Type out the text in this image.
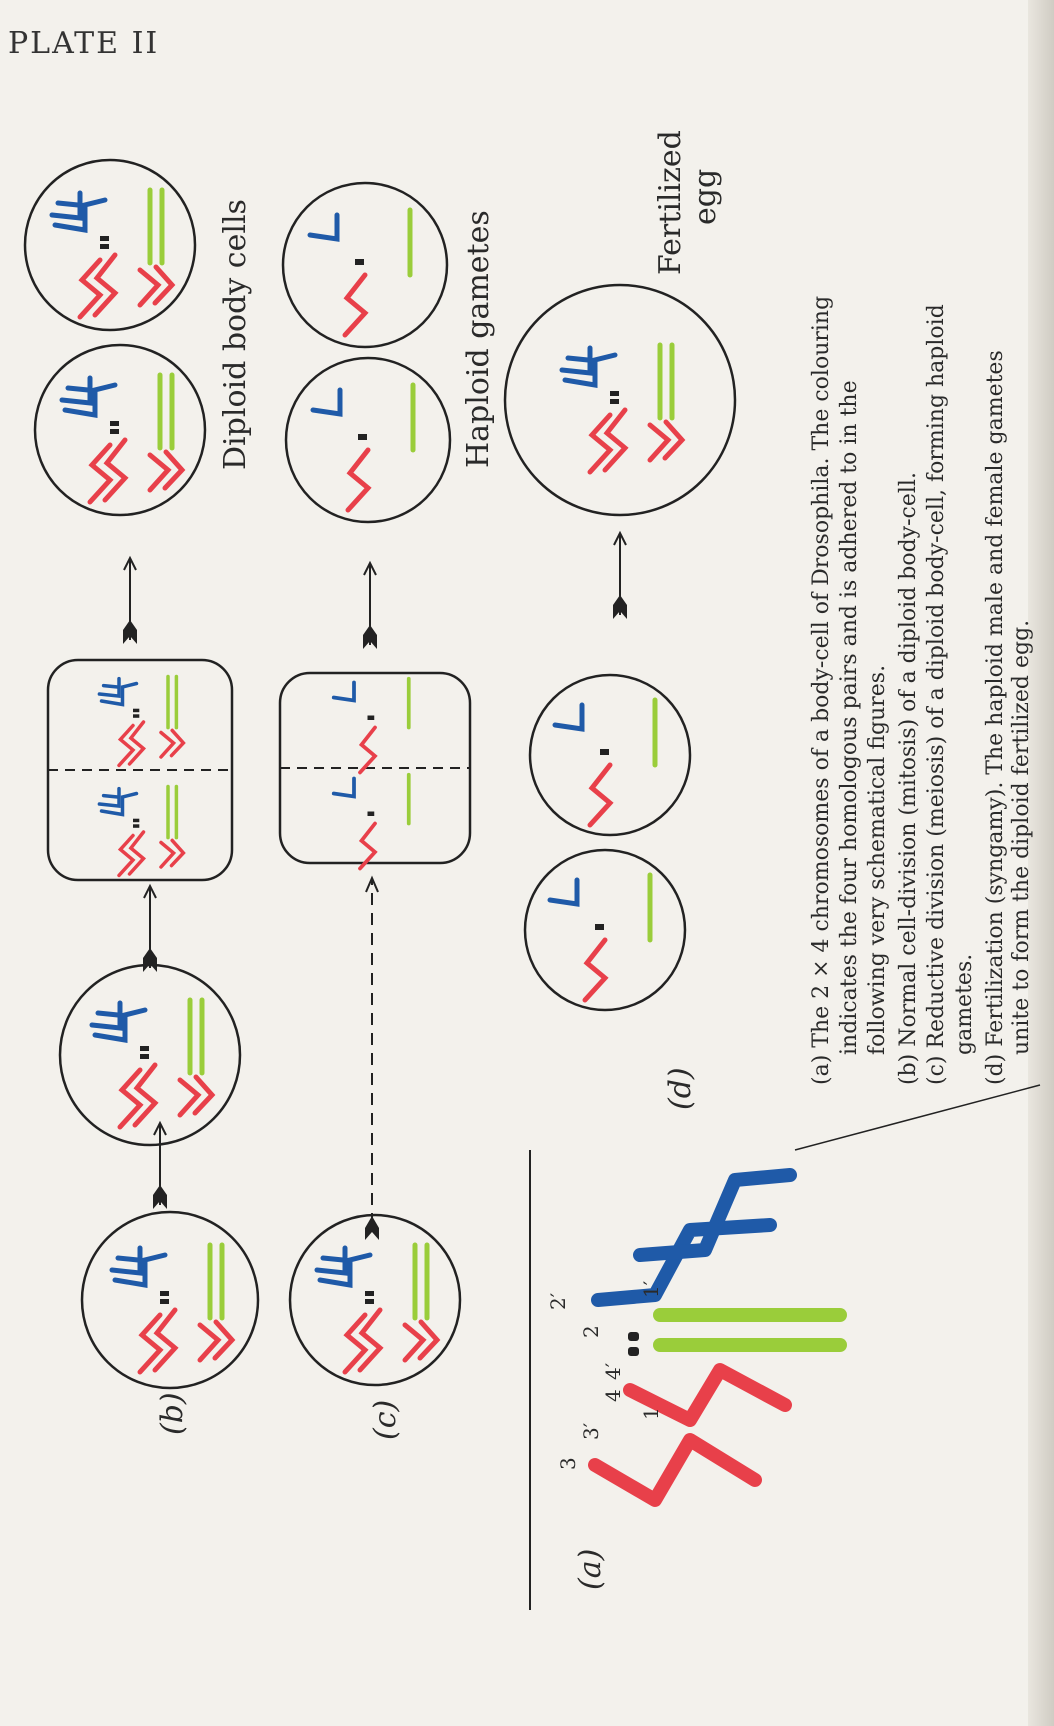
PLATE II
(b)
Diploid body cells
(c)
Haploid gametes
(a)
3
3′
4
4′
2
2′
1
1′
(d)
Fertilized egg
(a) The 2 × 4 chromosomes of a body-cell of Drosophila. The colouring indicates the four homologous pairs and is adhered to in the following very schematical figures. (b) Normal cell-division (mitosis) of a diploid body-cell. (c) Reductive division (meiosis) of a diploid body-cell, forming haploid gametes. (d) Fertilization (syngamy). The haploid male and female gametes unite to form the diploid fertilized egg.
